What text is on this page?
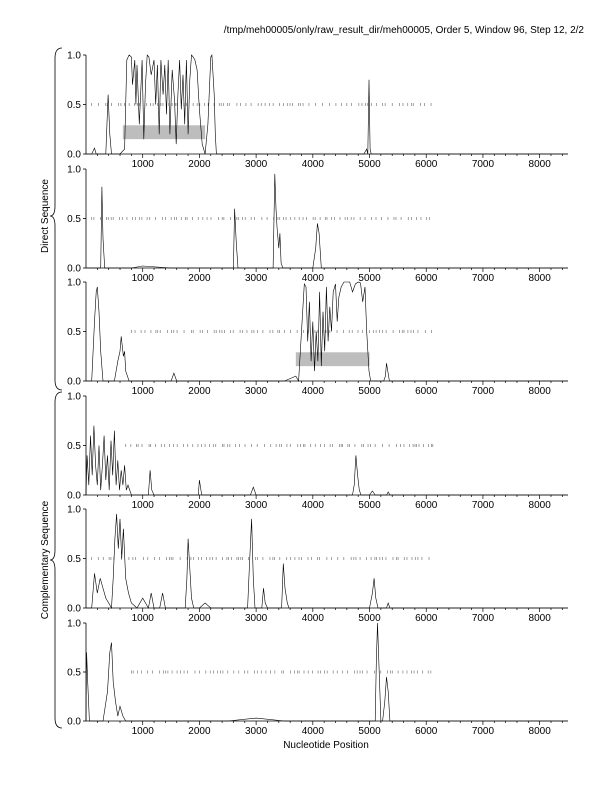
/tmp/meh00005/only/raw_result_dir/meh00005, Order 5, Window 96, Step 12, 2/2
Nucleotide Position
Direct Sequence
Complementary Sequence
0.0
0.5
1.0
1000	2000	3000	4000	5000	6000	7000	8000
0.0
0.5
1.0
1000	2000	3000	4000	5000	6000	7000	8000
0.0
0.5
1.0
1000	2000	3000	4000	5000	6000	7000	8000
0.0
0.5
1.0
1000	2000	3000	4000	5000	6000	7000	8000
0.0
0.5
1.0
1000	2000	3000	4000	5000	6000	7000	8000
0.0
0.5
1.0
1000	2000	3000	4000	5000	6000	7000	8000
